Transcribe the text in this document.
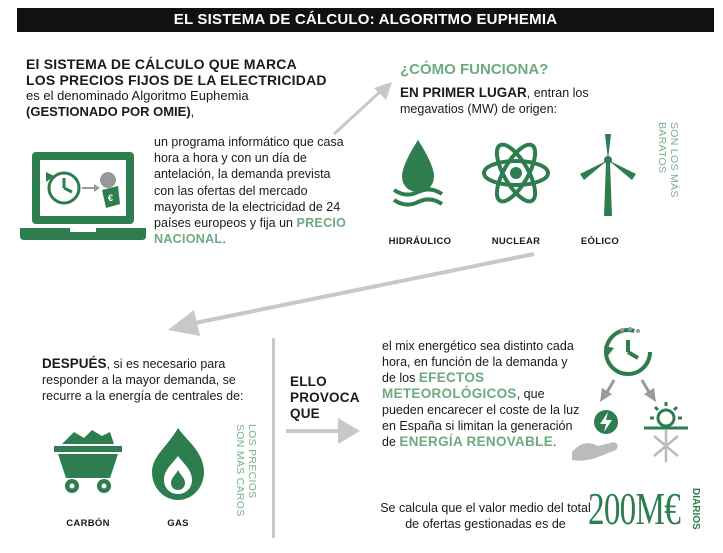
EL SISTEMA DE CÁLCULO: ALGORITMO EUPHEMIA
El SISTEMA DE CÁLCULO QUE MARCA
LOS PRECIOS FIJOS DE LA ELECTRICIDAD
es el denominado Algoritmo Euphemia
(GESTIONADO POR OMIE),
€
un programa informático que casa hora a hora y con un día de antelación, la demanda prevista con las ofertas del mercado mayorista de la electricidad de 24 países europeos y fija un PRECIO NACIONAL.
¿CÓMO FUNCIONA?
EN PRIMER LUGAR, entran los megavatios (MW) de origen:
HIDRÁULICO	NUCLEAR	EÓLICO
SON LOS MÁS BARATOS
DESPUÉS, si es necesario para responder a la mayor demanda, se recurre a la energía de centrales de:
CARBÓN	GAS
LOS PRECIOS SON MÁS CAROS
ELLO
PROVOCA
QUE
el mix energético sea distinto cada hora, en función de la demanda y de los EFECTOS METEOROLÓGICOS, que pueden encarecer el coste de la luz en España si limitan la generación de ENERGÍA RENOVABLE.
Se calcula que el valor medio del total de ofertas gestionadas es de 200M€ DIARIOS
